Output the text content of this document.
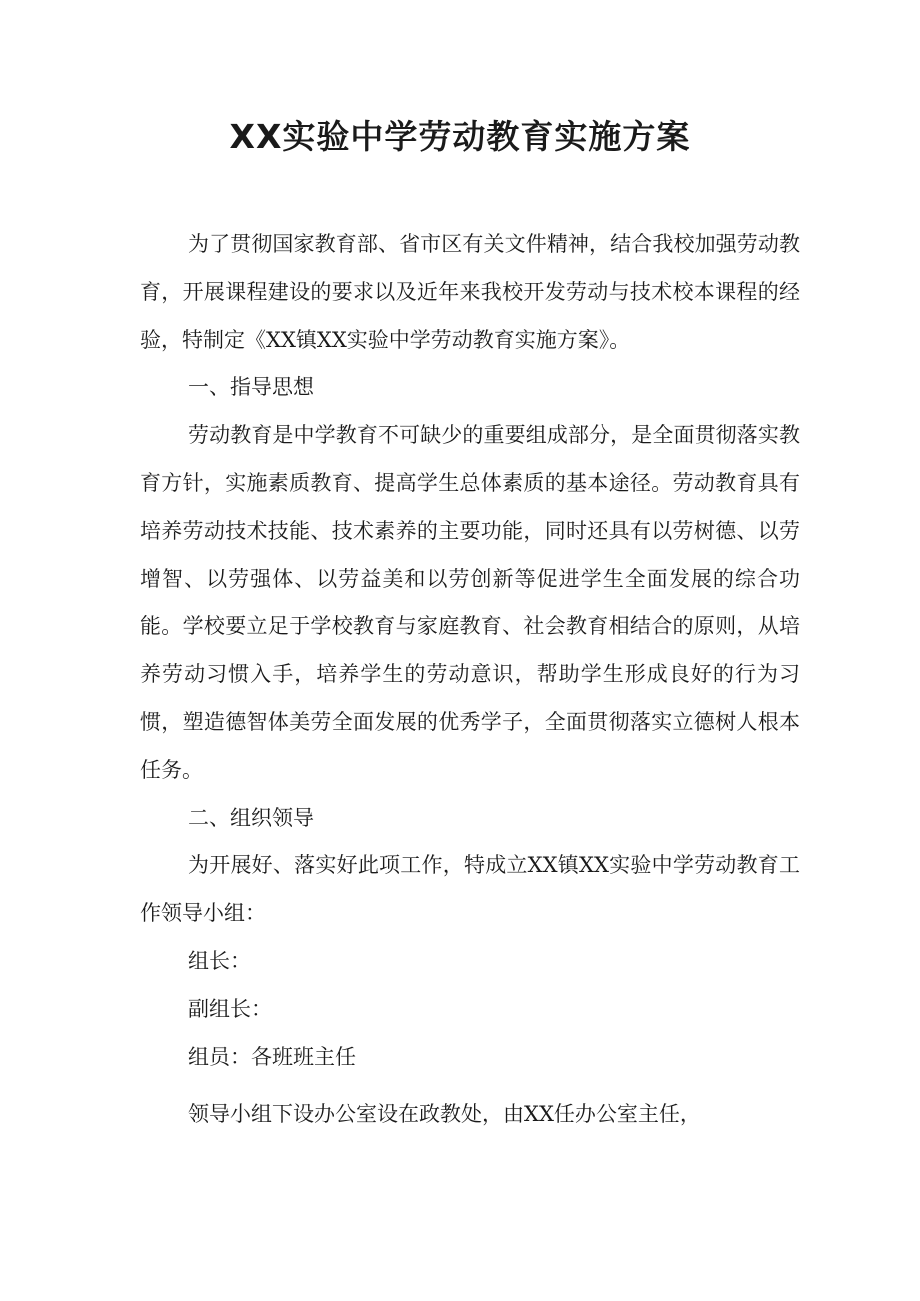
XX实验中学劳动教育实施方案

为了贯彻国家教育部、省市区有关文件精神，结合我校加强劳动教育，开展课程建设的要求以及近年来我校开发劳动与技术校本课程的经验，特制定《XX镇XX实验中学劳动教育实施方案》。

一、指导思想

劳动教育是中学教育不可缺少的重要组成部分，是全面贯彻落实教育方针，实施素质教育、提高学生总体素质的基本途径。劳动教育具有培养劳动技术技能、技术素养的主要功能，同时还具有以劳树德、以劳增智、以劳强体、以劳益美和以劳创新等促进学生全面发展的综合功能。学校要立足于学校教育与家庭教育、社会教育相结合的原则，从培养劳动习惯入手，培养学生的劳动意识，帮助学生形成良好的行为习惯，塑造德智体美劳全面发展的优秀学子，全面贯彻落实立德树人根本任务。

二、组织领导

为开展好、落实好此项工作，特成立XX镇XX实验中学劳动教育工作领导小组：

组长：

副组长：

组员：各班班主任

领导小组下设办公室设在政教处，由XX任办公室主任，
